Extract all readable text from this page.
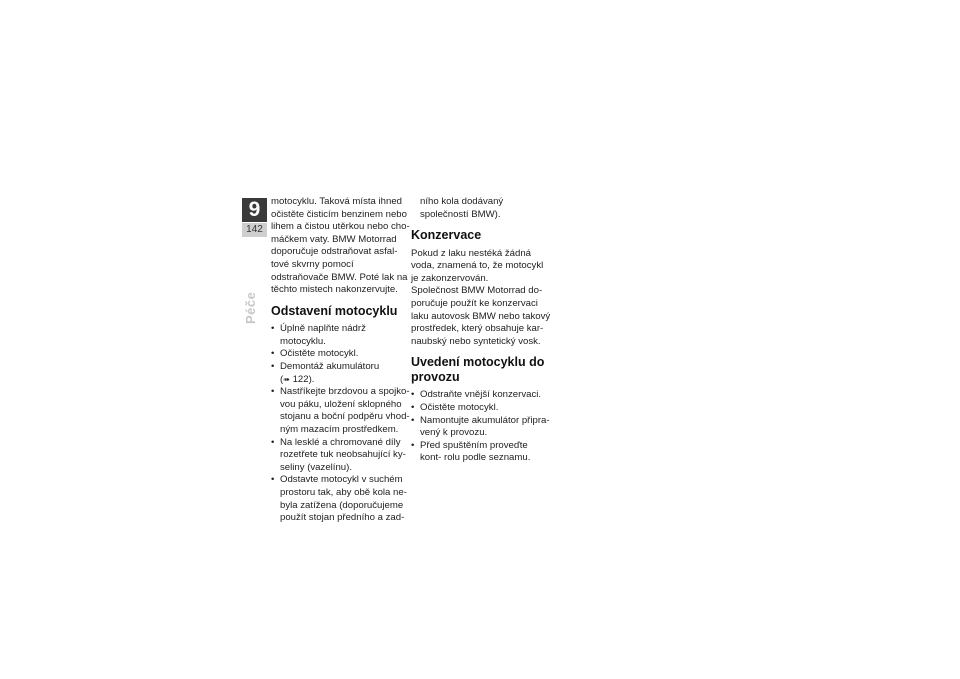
9
142
Péče

motocyklu. Taková místa ihned očistěte čisticím benzinem nebo lihem a čistou utěrkou nebo cho- máčkem vaty. BMW Motorrad doporučuje odstraňovat asfal- tové skvrny pomocí odstraňovače BMW. Poté lak na těchto mistech nakonzervujte.

Odstavení motocyklu
• Úplně naplňte nádrž motocyklu.
• Očistěte motocykl.
• Demontáž akumulátoru
(➠ 122).
• Nastříkejte brzdovou a spojko- vou páku, uložení sklopného stojanu a boční podpěru vhod- ným mazacím prostředkem.
• Na lesklé a chromované díly rozetřete tuk neobsahující ky- seliny (vazelínu).
• Odstavte motocykl v suchém prostoru tak, aby obě kola ne- byla zatížena (doporučujeme použít stojan předního a zad-

ního kola dodávaný společností BMW).

Konzervace

Pokud z laku nestéká žádná voda, znamená to, že motocykl je zakonzervován.

Společnost BMW Motorrad do- poručuje použít ke konzervaci laku autovosk BMW nebo takový prostředek, který obsahuje kar- naubský nebo syntetický vosk.

Uvedení motocyklu do provozu
• Odstraňte vnější konzervaci.
• Očistěte motocykl.
• Namontujte akumulátor připra- vený k provozu.
• Před spuštěním proveďte kont- rolu podle seznamu.
